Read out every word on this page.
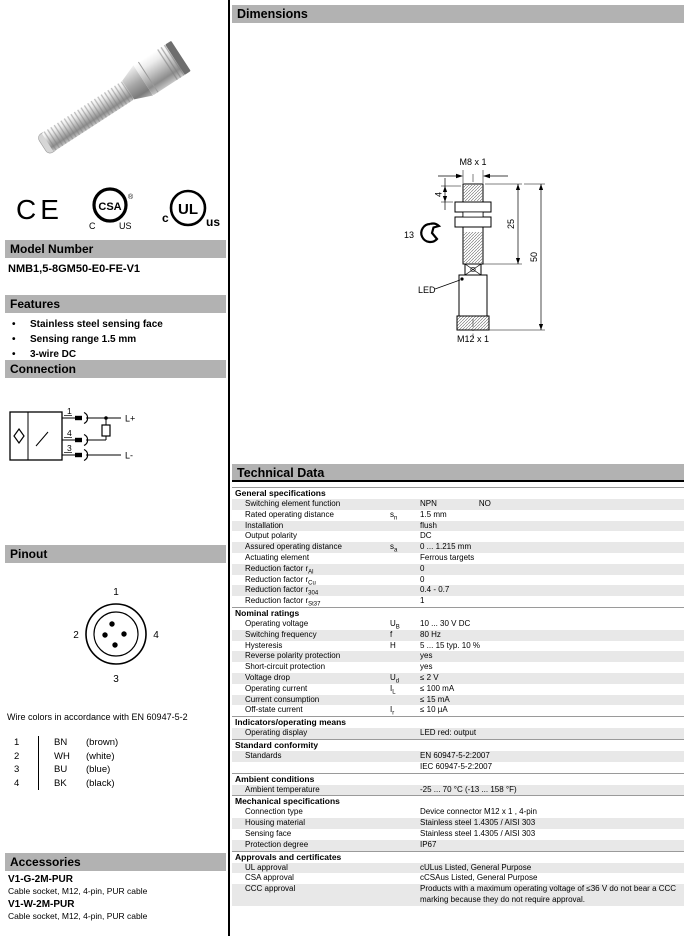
CE	CSA
®
C	US
UL
c	us
Model Number
NMB1,5-8GM50-E0-FE-V1
Features
•	Stainless steel sensing face
•	Sensing range 1.5 mm
•	3-wire DC
Connection
1
4
3
L+
L-
Pinout
1
2	4
3
Wire colors in accordance with EN 60947-5-2
1	BN	(brown)
2	WH	(white)
3	BU	(blue)
4	BK	(black)
Accessories
V1-G-2M-PUR
Cable socket, M12, 4-pin, PUR cable
V1-W-2M-PUR
Cable socket, M12, 4-pin, PUR cable
Dimensions
M8 x 1
M12 x 1
LED
4
13
25
50
Technical Data
General specifications
Switching element function	NPN	NO
Rated operating distance	$s_n$	1.5 mm
Installation	flush
Output polarity	DC
Assured operating distance	$s_a$	0 ... 1.215 mm
Actuating element	Ferrous targets
Reduction factor $r_{Al}$	0
Reduction factor $r_{Cu}$	0
Reduction factor $r_{304}$	0.4 - 0.7
Reduction factor $r_{St37}$	1
Nominal ratings
Operating voltage	$U_B$	10 ... 30 V DC
Switching frequency	f	80 Hz
Hysteresis	H	5 ... 15 typ. 10 %
Reverse polarity protection	yes
Short-circuit protection	yes
Voltage drop	$U_d$	≤ 2 V
Operating current	$I_L$	≤ 100 mA
Current consumption	≤ 15 mA
Off-state current	$I_r$	≤ 10 µA
Indicators/operating means
Operating display	LED red: output
Standard conformity
Standards	EN 60947-5-2:2007
IEC 60947-5-2:2007
Ambient conditions
Ambient temperature	-25 ... 70 °C (-13 ... 158 °F)
Mechanical specifications
Connection type	Device connector M12 x 1 , 4-pin
Housing material	Stainless steel 1.4305 / AISI 303
Sensing face	Stainless steel 1.4305 / AISI 303
Protection degree	IP67
Approvals and certificates
UL approval	cULus Listed, General Purpose
CSA approval	cCSAus Listed, General Purpose
CCC approval	Products with a maximum operating voltage of ≤36 V do not bear a CCC marking because they do not require approval.
